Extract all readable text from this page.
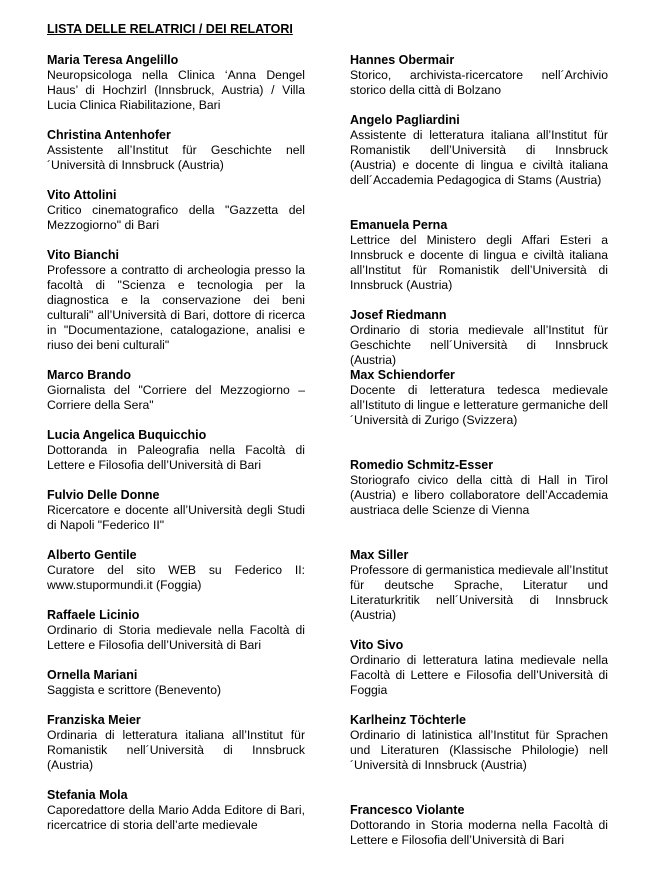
LISTA DELLE RELATRICI / DEI RELATORI
Maria Teresa Angelillo
Neuropsicologa nella Clinica ‘Anna Dengel Haus’ di Hochzirl (Innsbruck, Austria) / Villa Lucia Clinica Riabilitazione, Bari
Christina Antenhofer
Assistente all’Institut für Geschichte nell´Università di Innsbruck (Austria)
Vito Attolini
Critico cinematografico della "Gazzetta del Mezzogiorno" di Bari
Vito Bianchi
Professore a contratto di archeologia presso la facoltà di "Scienza e tecnologia per la diagnostica e la conservazione dei beni culturali" all’Università di Bari, dottore di ricerca in "Documentazione, catalogazione, analisi e riuso dei beni culturali"
Marco Brando
Giornalista del "Corriere del Mezzogiorno – Corriere della Sera"
Lucia Angelica Buquicchio
Dottoranda in Paleografia nella Facoltà di Lettere e Filosofia dell’Università di Bari
Fulvio Delle Donne
Ricercatore e docente all’Università degli Studi di Napoli "Federico II"
Alberto Gentile
Curatore del sito WEB su Federico II: www.stupormundi.it (Foggia)
Raffaele Licinio
Ordinario di Storia medievale nella Facoltà di Lettere e Filosofia dell’Università di Bari
Ornella Mariani
Saggista e scrittore (Benevento)
Franziska Meier
Ordinaria di letteratura italiana all’Institut für Romanistik nell´Università di Innsbruck (Austria)
Stefania Mola
Caporedattore della Mario Adda Editore di Bari, ricercatrice di storia dell’arte medievale
Hannes Obermair
Storico, archivista-ricercatore nell´Archivio storico della città di Bolzano
Angelo Pagliardini
Assistente di letteratura italiana all’Institut für Romanistik dell’Università di Innsbruck (Austria) e docente di lingua e civiltà italiana dell´Accademia Pedagogica di Stams (Austria)
Emanuela Perna
Lettrice del Ministero degli Affari Esteri a Innsbruck e docente di lingua e civiltà italiana all’Institut für Romanistik dell’Università di Innsbruck (Austria)
Josef Riedmann
Ordinario di storia medievale all’Institut für Geschichte nell´Università di Innsbruck (Austria)
Max Schiendorfer
Docente di letteratura tedesca medievale all’Istituto di lingue e letterature germaniche dell´Università di Zurigo (Svizzera)
Romedio Schmitz-Esser
Storiografo civico della città di Hall in Tirol (Austria) e libero collaboratore dell’Accademia austriaca delle Scienze di Vienna
Max Siller
Professore di germanistica medievale all’Institut für deutsche Sprache, Literatur und Literaturkritik nell´Università di Innsbruck (Austria)
Vito Sivo
Ordinario di letteratura latina medievale nella Facoltà di Lettere e Filosofia dell’Università di Foggia
Karlheinz Töchterle
Ordinario di latinistica all’Institut für Sprachen und Literaturen (Klassische Philologie) nell´Università di Innsbruck (Austria)
Francesco Violante
Dottorando in Storia moderna nella Facoltà di Lettere e Filosofia dell’Università di Bari
